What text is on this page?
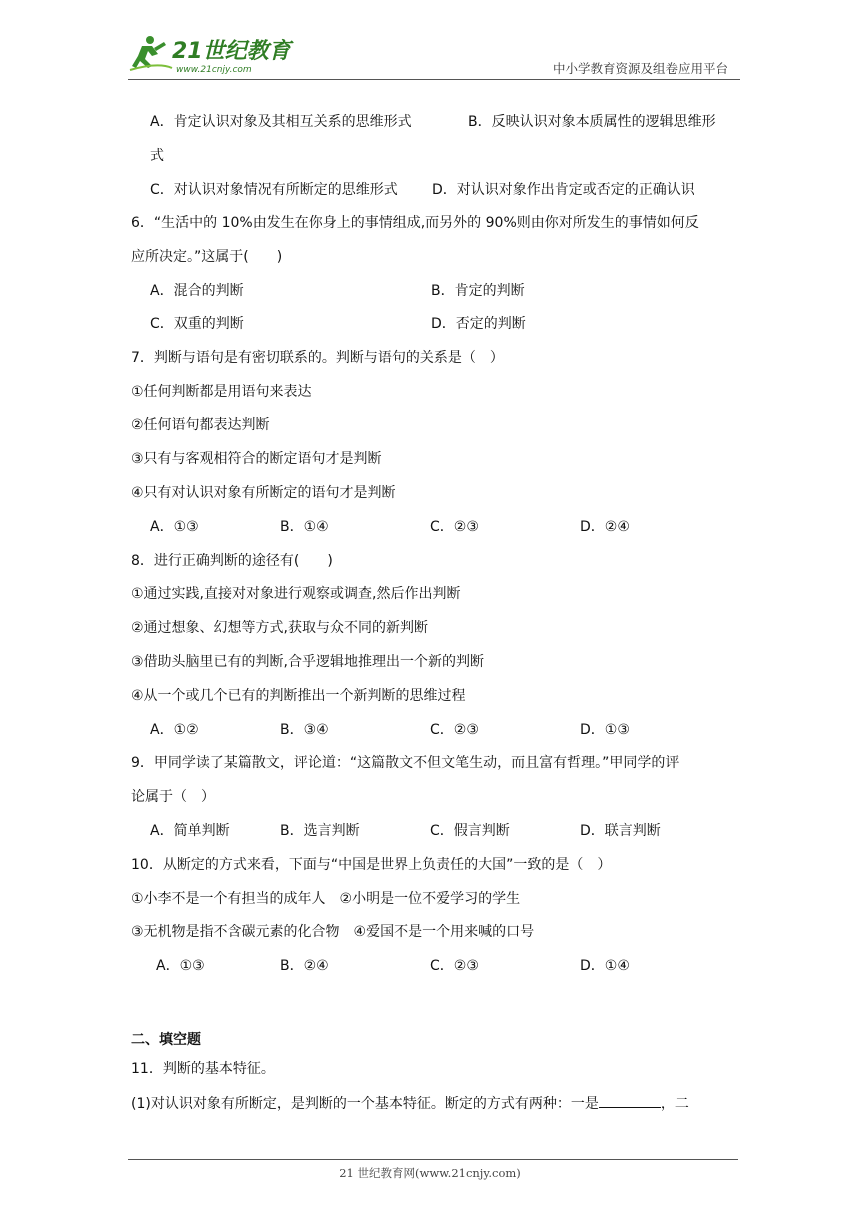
21世纪教育
www.21cnjy.com	中小学教育资源及组卷应用平台
A．肯定认识对象及其相互关系的思维形式	B．反映认识对象本质属性的逻辑思维形
式
C．对认识对象情况有所断定的思维形式 D．对认识对象作出肯定或否定的正确认识
6．“生活中的 10%由发生在你身上的事情组成,而另外的 90%则由你对所发生的事情如何反
应所决定。”这属于(　　)
A．混合的判断	B．肯定的判断
C．双重的判断	D．否定的判断
7．判断与语句是有密切联系的。判断与语句的关系是（　）
①任何判断都是用语句来表达
②任何语句都表达判断
③只有与客观相符合的断定语句才是判断
④只有对认识对象有所断定的语句才是判断
A．①③	B．①④	C．②③	D．②④
8．进行正确判断的途径有(　　)
①通过实践,直接对对象进行观察或调查,然后作出判断
②通过想象、幻想等方式,获取与众不同的新判断
③借助头脑里已有的判断,合乎逻辑地推理出一个新的判断
④从一个或几个已有的判断推出一个新判断的思维过程
A．①②	B．③④	C．②③	D．①③
9．甲同学读了某篇散文，评论道：“这篇散文不但文笔生动，而且富有哲理。”甲同学的评
论属于（　）
A．简单判断	B．选言判断	C．假言判断	D．联言判断
10．从断定的方式来看，下面与“中国是世界上负责任的大国”一致的是（　）
①小李不是一个有担当的成年人　②小明是一位不爱学习的学生
③无机物是指不含碳元素的化合物　④爱国不是一个用来喊的口号
A．①③	B．②④	C．②③	D．①④
二、填空题
11．判断的基本特征。
(1)对认识对象有所断定，是判断的一个基本特征。断定的方式有两种：一是	，二
21 世纪教育网(www.21cnjy.com)
